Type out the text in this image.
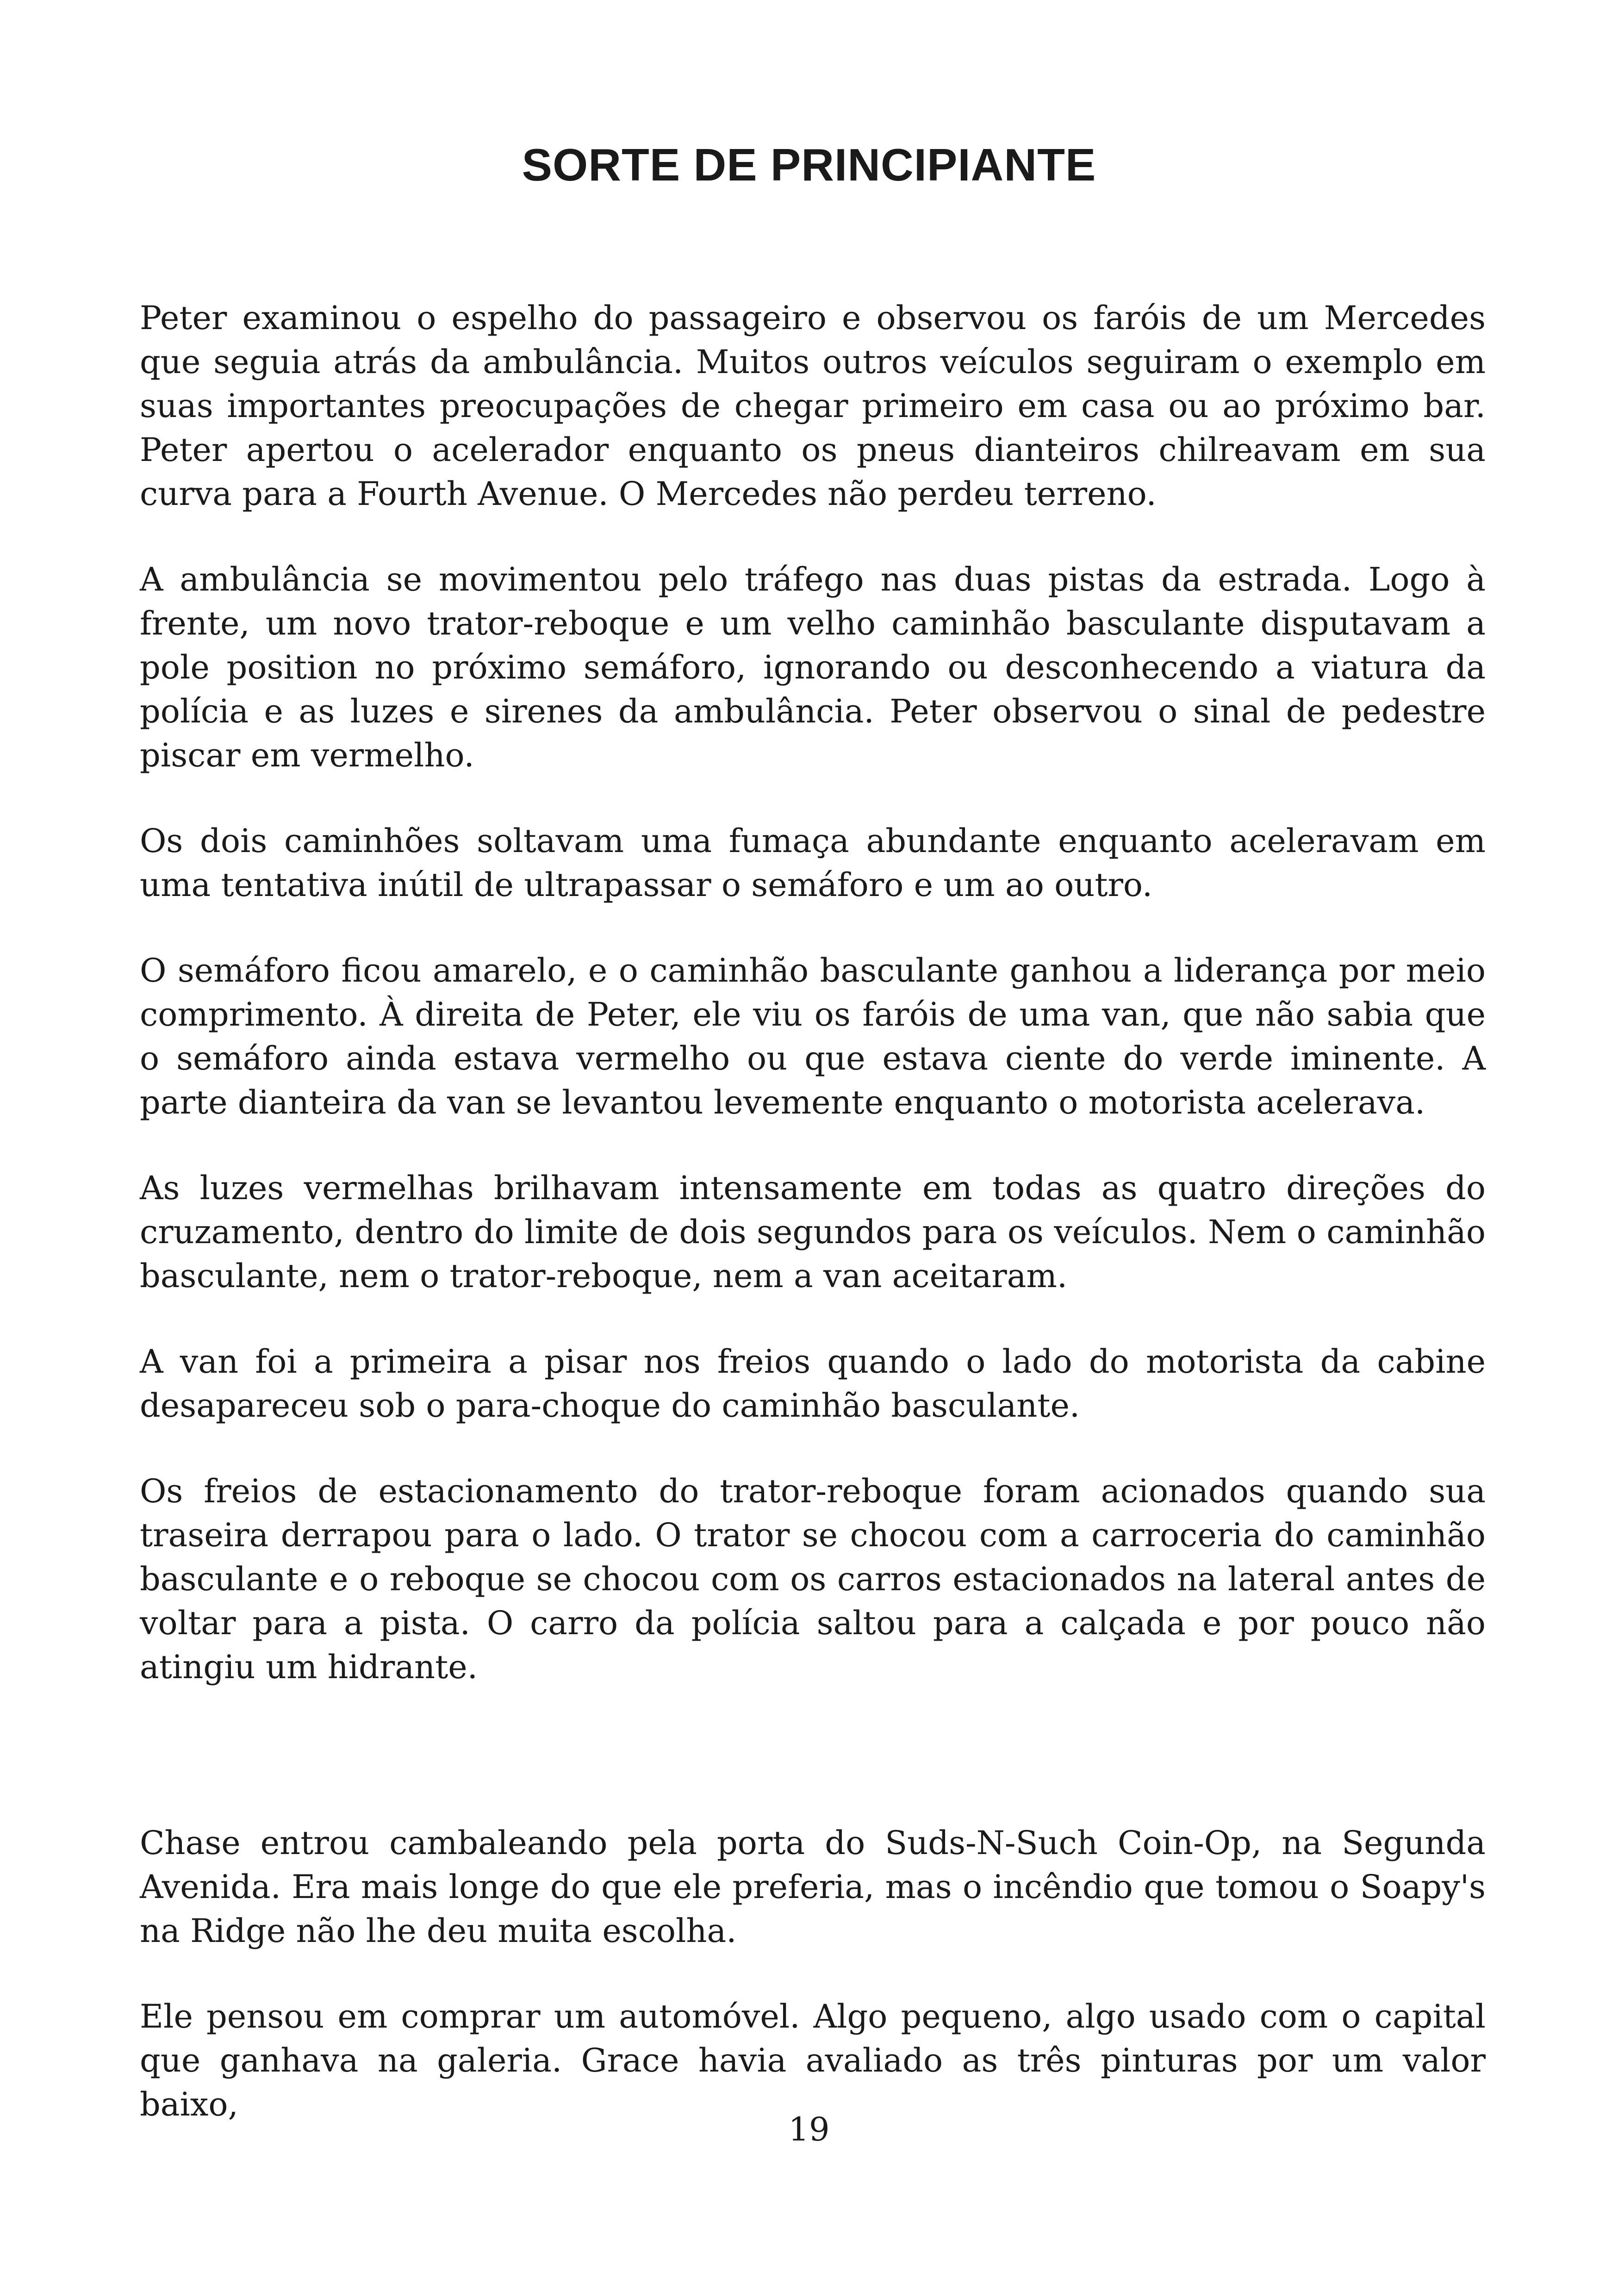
SORTE DE PRINCIPIANTE

Peter examinou o espelho do passageiro e observou os faróis de um Mercedes que seguia atrás da ambulância. Muitos outros veículos seguiram o exemplo em suas importantes preocupações de chegar primeiro em casa ou ao próximo bar. Peter apertou o acelerador enquanto os pneus dianteiros chilreavam em sua curva para a Fourth Avenue. O Mercedes não perdeu terreno.

A ambulância se movimentou pelo tráfego nas duas pistas da estrada. Logo à frente, um novo trator-reboque e um velho caminhão basculante disputavam a pole position no próximo semáforo, ignorando ou desconhecendo a viatura da polícia e as luzes e sirenes da ambulância. Peter observou o sinal de pedestre piscar em vermelho.

Os dois caminhões soltavam uma fumaça abundante enquanto aceleravam em uma tentativa inútil de ultrapassar o semáforo e um ao outro.

O semáforo ficou amarelo, e o caminhão basculante ganhou a liderança por meio comprimento. À direita de Peter, ele viu os faróis de uma van, que não sabia que o semáforo ainda estava vermelho ou que estava ciente do verde iminente. A parte dianteira da van se levantou levemente enquanto o motorista acelerava.

As luzes vermelhas brilhavam intensamente em todas as quatro direções do cruzamento, dentro do limite de dois segundos para os veículos. Nem o caminhão basculante, nem o trator-reboque, nem a van aceitaram.

A van foi a primeira a pisar nos freios quando o lado do motorista da cabine desapareceu sob o para-choque do caminhão basculante.

Os freios de estacionamento do trator-reboque foram acionados quando sua traseira derrapou para o lado. O trator se chocou com a carroceria do caminhão basculante e o reboque se chocou com os carros estacionados na lateral antes de voltar para a pista. O carro da polícia saltou para a calçada e por pouco não atingiu um hidrante.

Chase entrou cambaleando pela porta do Suds-N-Such Coin-Op, na Segunda Avenida. Era mais longe do que ele preferia, mas o incêndio que tomou o Soapy's na Ridge não lhe deu muita escolha.

Ele pensou em comprar um automóvel. Algo pequeno, algo usado com o capital que ganhava na galeria. Grace havia avaliado as três pinturas por um valor baixo,

19
